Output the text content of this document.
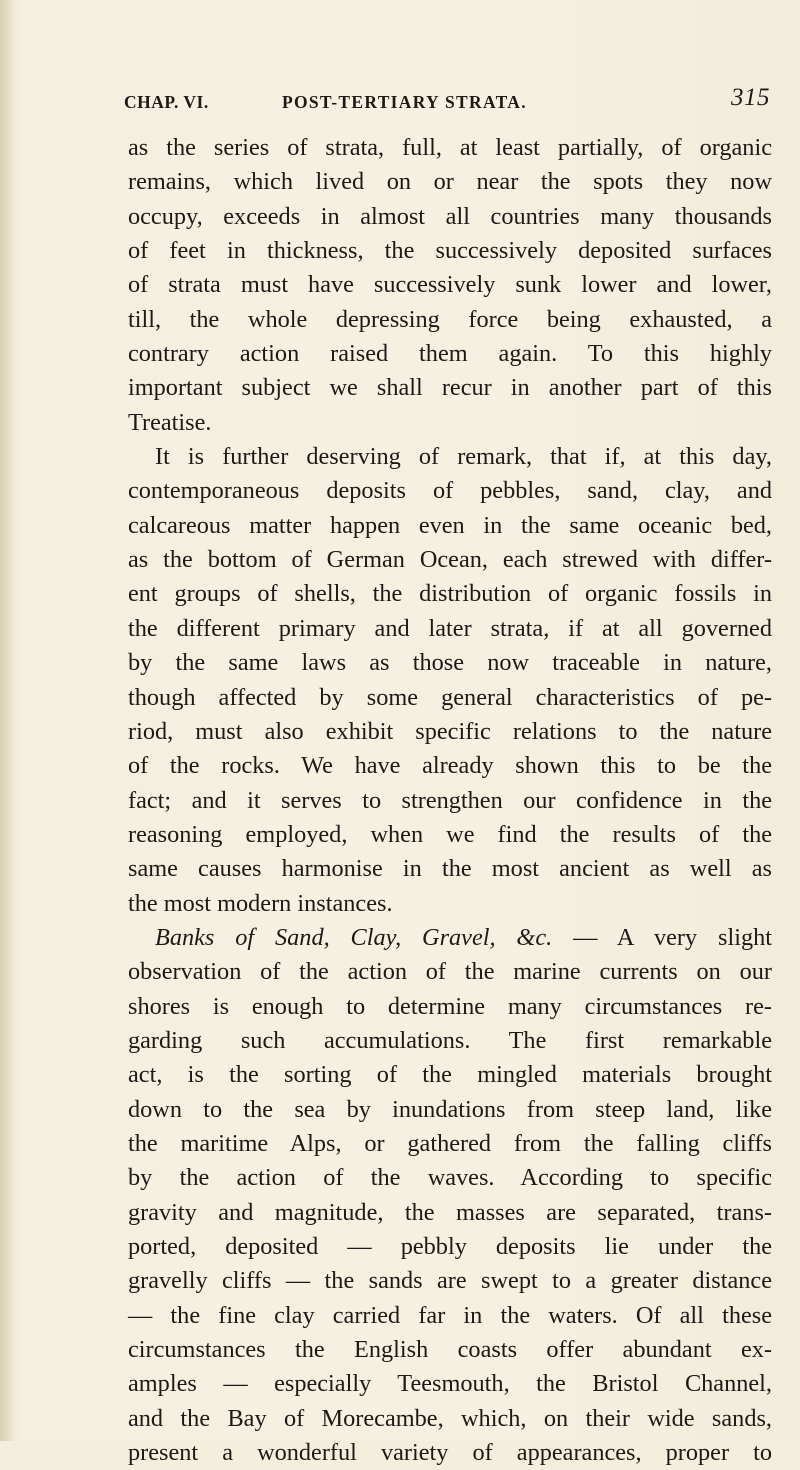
CHAP. VI.	POST-TERTIARY STRATA.	315
as the series of strata, full, at least partially, of organic
remains, which lived on or near the spots they now
occupy, exceeds in almost all countries many thousands
of feet in thickness, the successively deposited surfaces
of strata must have successively sunk lower and lower,
till, the whole depressing force being exhausted, a
contrary action raised them again. To this highly
important subject we shall recur in another part of this
Treatise.
It is further deserving of remark, that if, at this day,
contemporaneous deposits of pebbles, sand, clay, and
calcareous matter happen even in the same oceanic bed,
as the bottom of German Ocean, each strewed with differ-
ent groups of shells, the distribution of organic fossils in
the different primary and later strata, if at all governed
by the same laws as those now traceable in nature,
though affected by some general characteristics of pe-
riod, must also exhibit specific relations to the nature
of the rocks. We have already shown this to be the
fact; and it serves to strengthen our confidence in the
reasoning employed, when we find the results of the
same causes harmonise in the most ancient as well as
the most modern instances.
Banks of Sand, Clay, Gravel, &c. — A very slight
observation of the action of the marine currents on our
shores is enough to determine many circumstances re-
garding such accumulations. The first remarkable
act, is the sorting of the mingled materials brought
down to the sea by inundations from steep land, like
the maritime Alps, or gathered from the falling cliffs
by the action of the waves. According to specific
gravity and magnitude, the masses are separated, trans-
ported, deposited — pebbly deposits lie under the
gravelly cliffs — the sands are swept to a greater distance
— the fine clay carried far in the waters. Of all these
circumstances the English coasts offer abundant ex-
amples — especially Teesmouth, the Bristol Channel,
and the Bay of Morecambe, which, on their wide sands,
present a wonderful variety of appearances, proper to
